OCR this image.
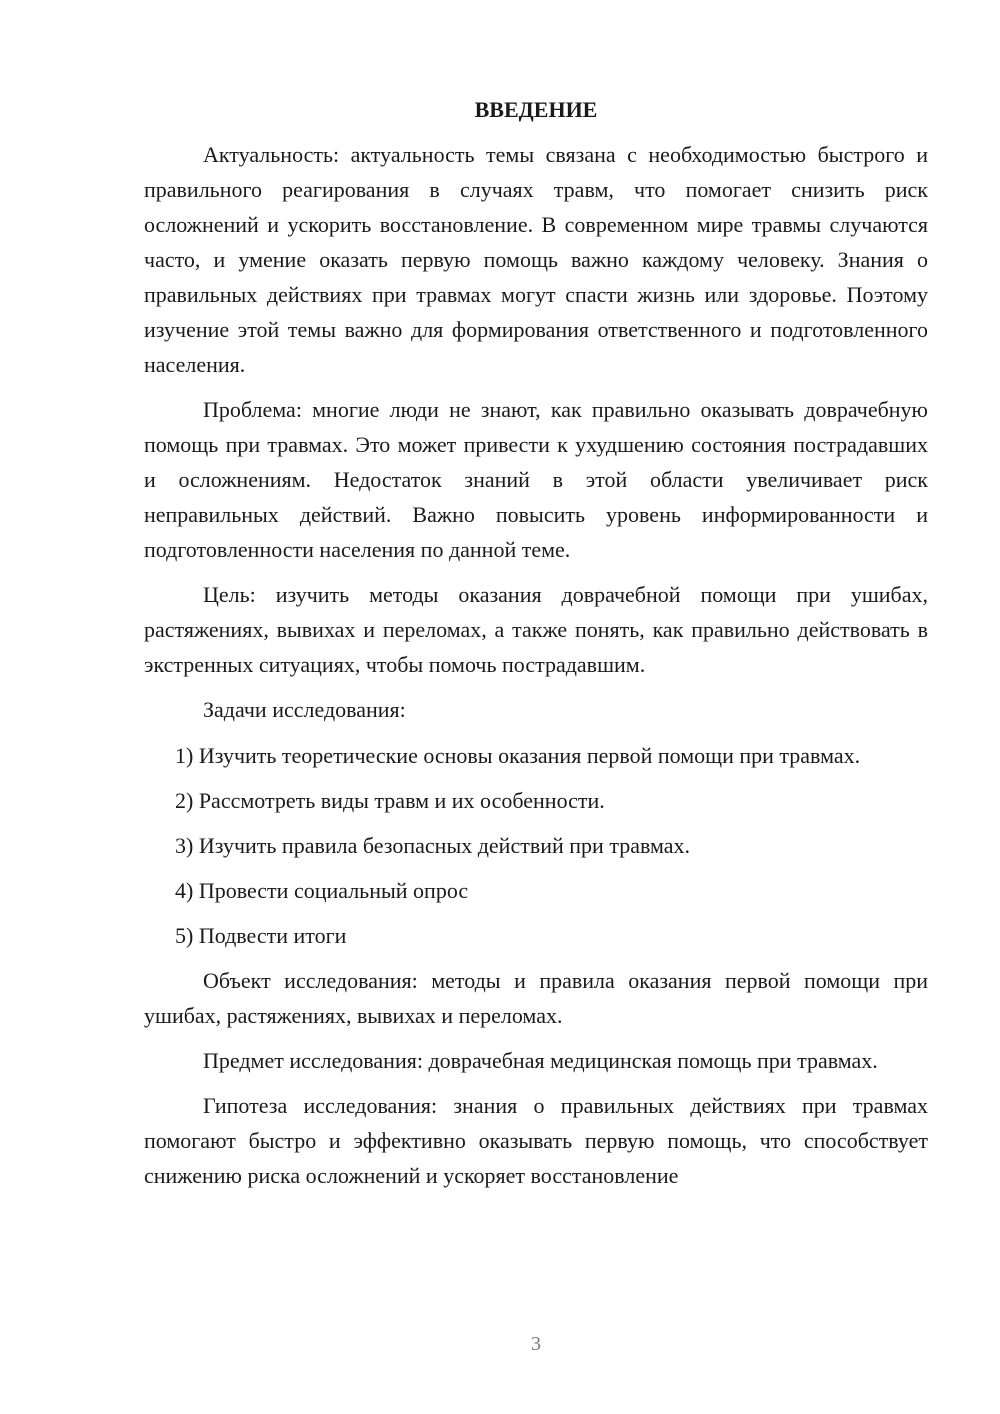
ВВЕДЕНИЕ

Актуальность: актуальность темы связана с необходимостью быстрого и правильного реагирования в случаях травм, что помогает снизить риск осложнений и ускорить восстановление. В современном мире травмы случаются часто, и умение оказать первую помощь важно каждому человеку. Знания о правильных действиях при травмах могут спасти жизнь или здоровье. Поэтому изучение этой темы важно для формирования ответственного и подготовленного населения.

Проблема: многие люди не знают, как правильно оказывать доврачебную помощь при травмах. Это может привести к ухудшению состояния пострадавших и осложнениям. Недостаток знаний в этой области увеличивает риск неправильных действий. Важно повысить уровень информированности и подготовленности населения по данной теме.

Цель: изучить методы оказания доврачебной помощи при ушибах, растяжениях, вывихах и переломах, а также понять, как правильно действовать в экстренных ситуациях, чтобы помочь пострадавшим.

Задачи исследования:

1) Изучить теоретические основы оказания первой помощи при травмах.

2) Рассмотреть виды травм и их особенности.

3) Изучить правила безопасных действий при травмах.

4) Провести социальный опрос

5) Подвести итоги

Объект исследования: методы и правила оказания первой помощи при ушибах, растяжениях, вывихах и переломах.

Предмет исследования: доврачебная медицинская помощь при травмах.

Гипотеза исследования: знания о правильных действиях при травмах помогают быстро и эффективно оказывать первую помощь, что способствует снижению риска осложнений и ускоряет восстановление

3
